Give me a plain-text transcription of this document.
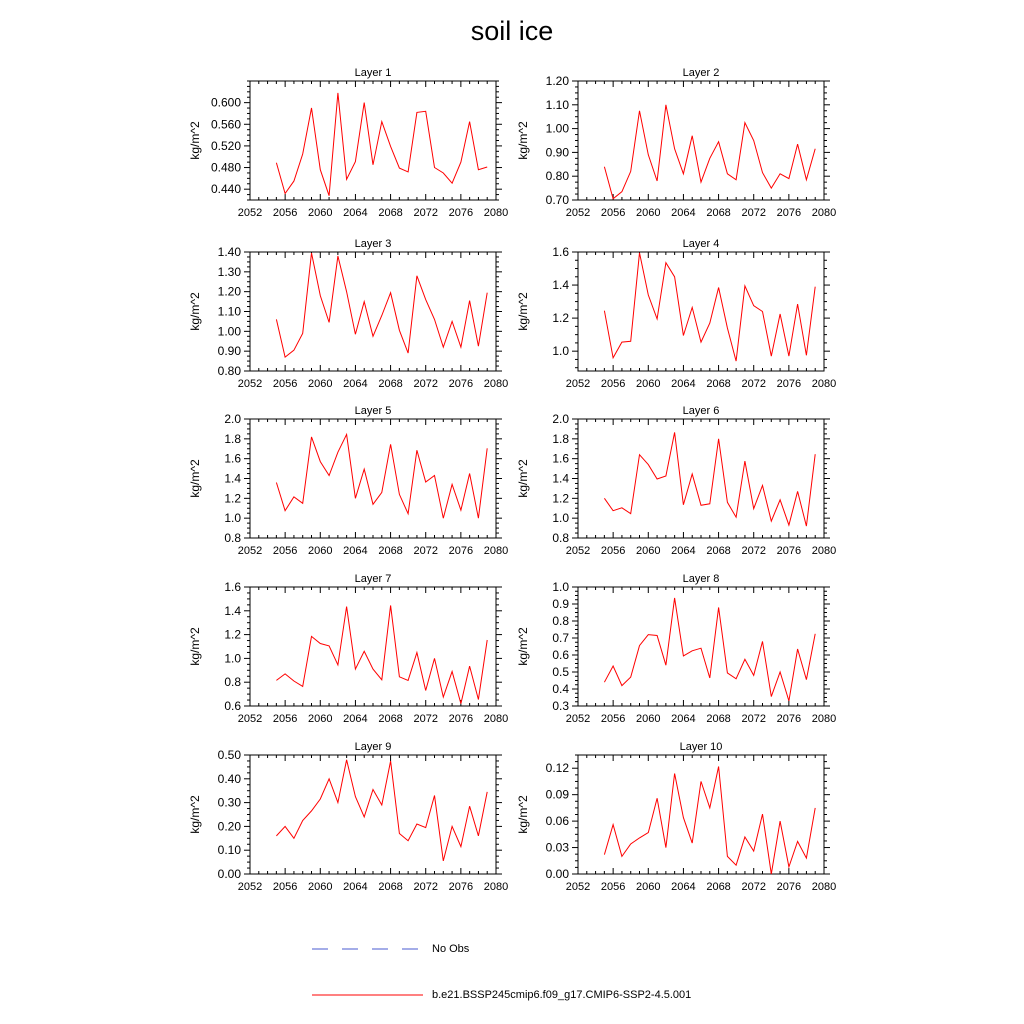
soil ice
Layer 1
kg/m^2
2052 2056 2060 2064 2068 2072 2076 2080
0.440
0.480
0.520
0.560
0.600
Layer 2
kg/m^2
2052 2056 2060 2064 2068 2072 2076 2080
0.70
0.80
0.90
1.00
1.10
1.20
Layer 3
kg/m^2
2052 2056 2060 2064 2068 2072 2076 2080
0.80
0.90
1.00
1.10
1.20
1.30
1.40
Layer 4
kg/m^2
2052 2056 2060 2064 2068 2072 2076 2080
1.0
1.2
1.4
1.6
Layer 5
kg/m^2
2052 2056 2060 2064 2068 2072 2076 2080
0.8
1.0
1.2
1.4
1.6
1.8
2.0
Layer 6
kg/m^2
2052 2056 2060 2064 2068 2072 2076 2080
0.8
1.0
1.2
1.4
1.6
1.8
2.0
Layer 7
kg/m^2
2052 2056 2060 2064 2068 2072 2076 2080
0.6
0.8
1.0
1.2
1.4
1.6
Layer 8
kg/m^2
2052 2056 2060 2064 2068 2072 2076 2080
0.3
0.4
0.5
0.6
0.7
0.8
0.9
1.0
Layer 9
kg/m^2
2052 2056 2060 2064 2068 2072 2076 2080
0.00
0.10
0.20
0.30
0.40
0.50
Layer 10
kg/m^2
2052 2056 2060 2064 2068 2072 2076 2080
0.00
0.03
0.06
0.09
0.12
No Obs
b.e21.BSSP245cmip6.f09_g17.CMIP6-SSP2-4.5.001
